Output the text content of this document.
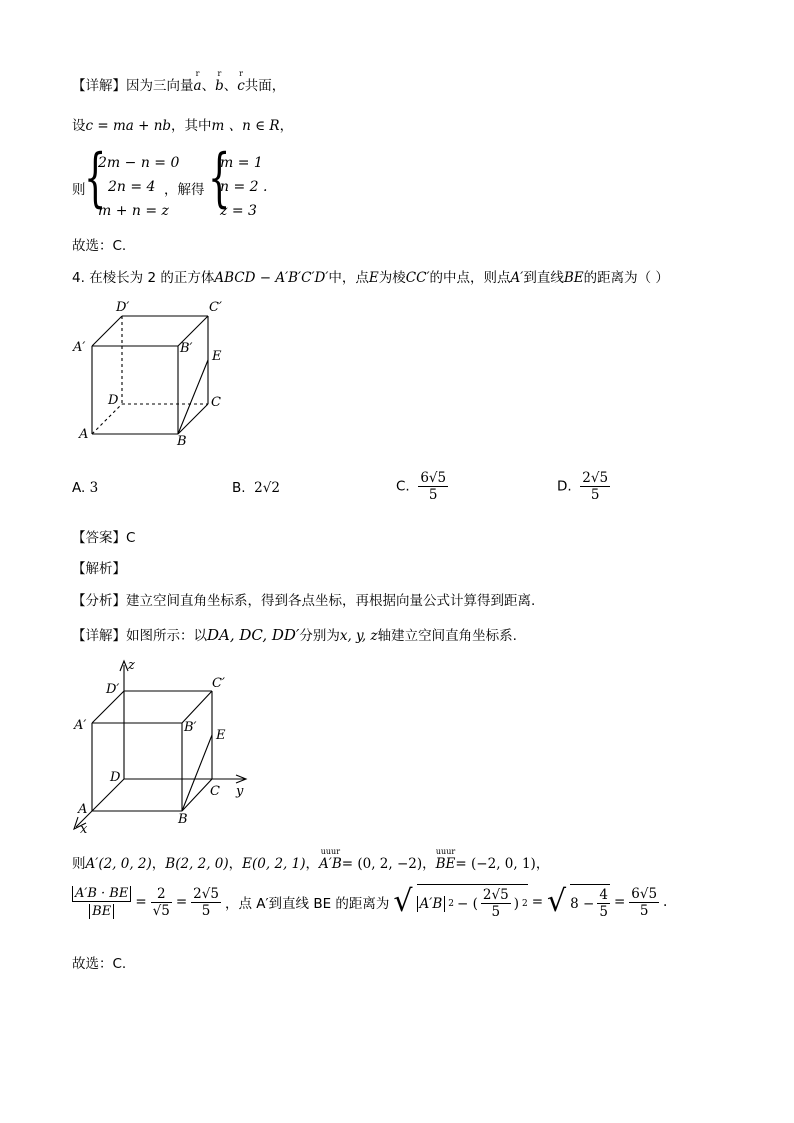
【详解】因为三向量
r
a、
r
b、
r
c共面，
设c = ma + nb，其中m 、n ∈ R，
则
{
2m − n = 0
2n = 4
m + n = z
，解得 {
m = 1
n = 2 .
z = 3
故选：C.
4. 在棱长为 2 的正方体ABCD − A′B′C′D′中，点E为棱CC′的中点，则点A′到直线BE的距离为（ ）
D′	C′
A′	B′
E
D	C
A	B
A. 3	B. 2√2	C. $\frac{6√5}{5}$	D. $\frac{2√5}{5}$
【答案】C
【解析】
【分析】建立空间直角坐标系，得到各点坐标，再根据向量公式计算得到距离.
【详解】如图所示：以DA, DC, DD′分别为x, y, z轴建立空间直角坐标系.
z
D′	C′
A′	B′
E
D
C y
A
B
x
则A′(2, 0, 2)，B(2, 2, 0)，E(0, 2, 1)，
uuur
A′B= (0, 2, −2)，
uuur
BE= (−2, 0, 1)，
$\frac{A'B \cdot BE}{BE} = \frac{2}{√5} = \frac{2√5}{5}$ ，点 A′到直线 BE 的距离为 √ A′B 2 − ( $\frac{2√5}{5}$ ) 2 = √ $8 - \frac{4}{5} = \frac{6√5}{5}$ .
故选：C.
